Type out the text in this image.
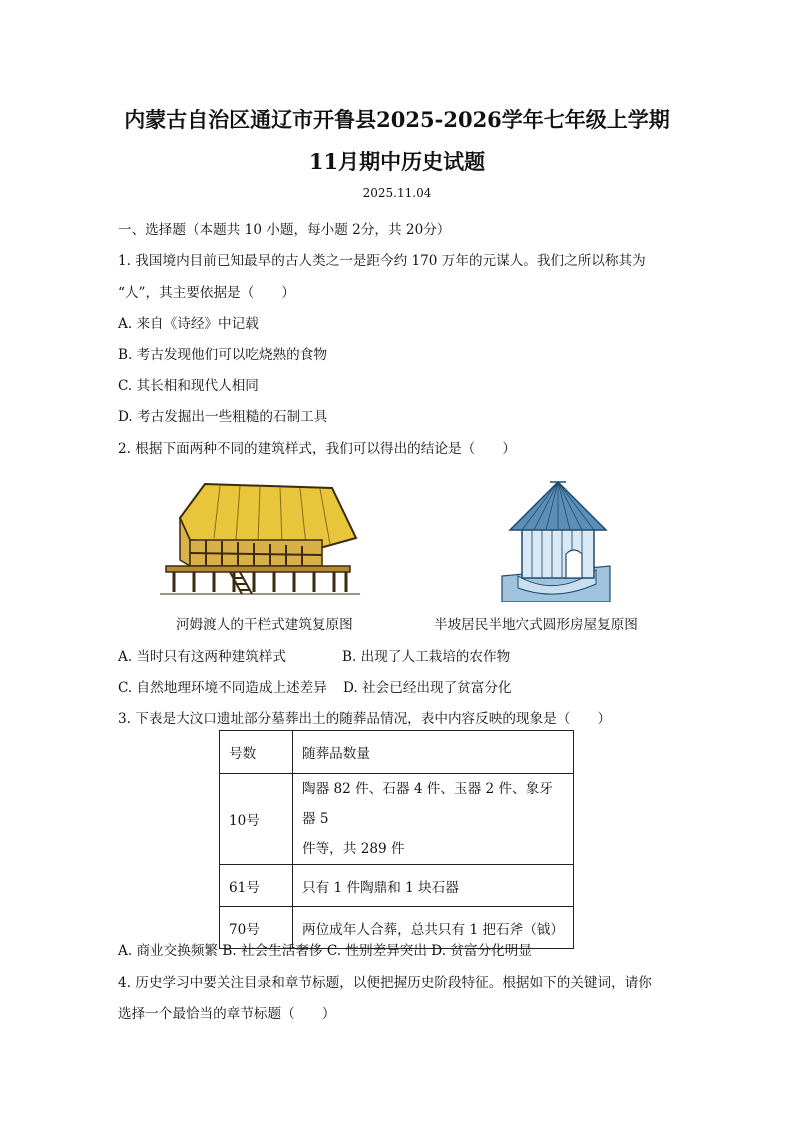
内蒙古自治区通辽市开鲁县2025-2026学年七年级上学期
11月期中历史试题
2025.11.04
一、选择题（本题共 10 小题，每小题 2分，共 20分）
1. 我国境内目前已知最早的古人类之一是距今约 170 万年的元谋人。我们之所以称其为
“人”，其主要依据是（　　）
A. 来自《诗经》中记载
B. 考古发现他们可以吃烧熟的食物
C. 其长相和现代人相同
D. 考古发掘出一些粗糙的石制工具
2. 根据下面两种不同的建筑样式，我们可以得出的结论是（　　）
河姆渡人的干栏式建筑复原图	半坡居民半地穴式圆形房屋复原图
A. 当时只有这两种建筑样式	B. 出现了人工栽培的农作物
C. 自然地理环境不同造成上述差异 D. 社会已经出现了贫富分化
3. 下表是大汶口遗址部分墓葬出土的随葬品情况，表中内容反映的现象是（　　）
号数	随葬品数量
10号	陶器 82 件、石器 4 件、玉器 2 件、象牙器 5
件等，共 289 件
61号	只有 1 件陶鼎和 1 块石器
70号	两位成年人合葬，总共只有 1 把石斧（钺）
A. 商业交换频繁 B. 社会生活奢侈 C. 性别差异突出 D. 贫富分化明显
4. 历史学习中要关注目录和章节标题，以便把握历史阶段特征。根据如下的关键词，请你
选择一个最恰当的章节标题（　　）
